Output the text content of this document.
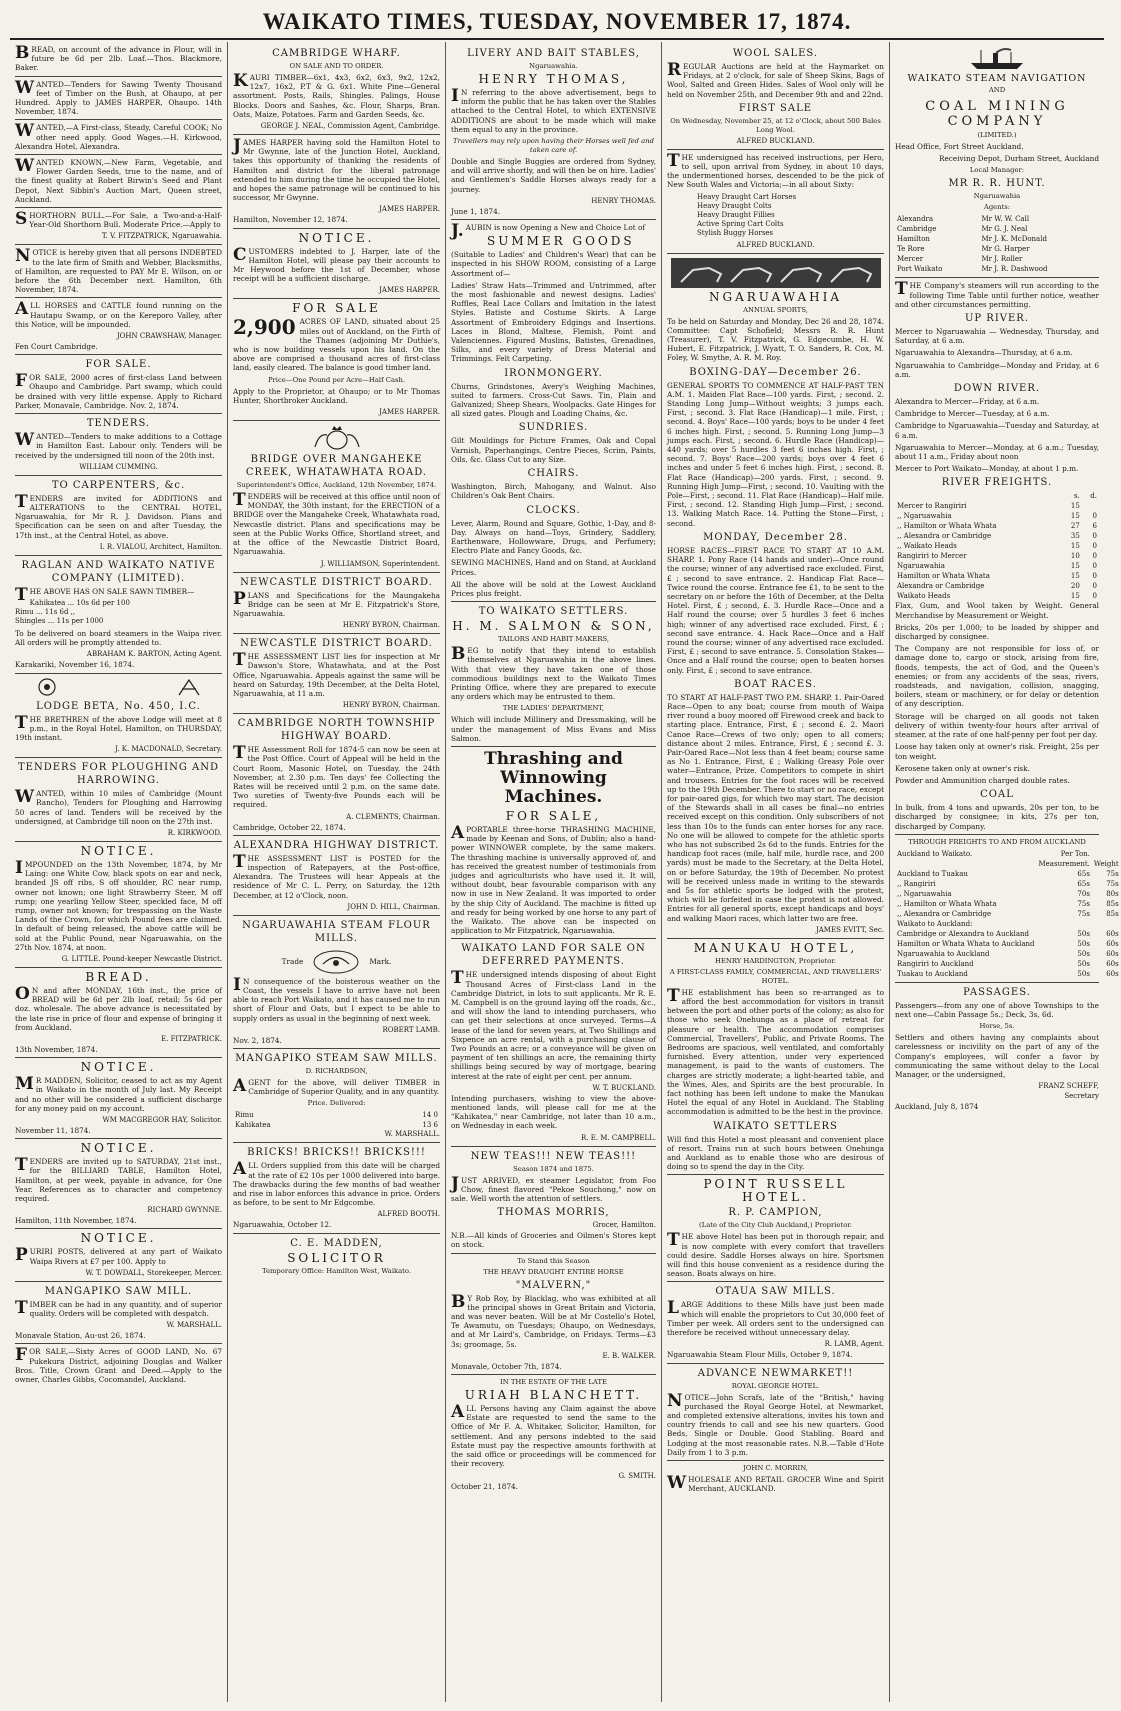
WAIKATO TIMES, TUESDAY, NOVEMBER 17, 1874.

BREAD, on account of the advance in Flour, will in future be 6d per 2lb. Loaf.—Thos. Blackmore, Baker.

WANTED—Tenders for Sawing Twenty Thousand feet of Timber on the Bush, at Ohaupo, at per Hundred. Apply to JAMES HARPER, Ohaupo. 14th November, 1874.

WANTED,—A First-class, Steady, Careful COOK; No other need apply. Good Wages.—H. Kirkwood, Alexandra Hotel, Alexandra.

WANTED KNOWN,—New Farm, Vegetable, and Flower Garden Seeds, true to the name, and of the finest quality at Robert Birwin's Seed and Plant Depot, Next Sibbin's Auction Mart, Queen street, Auckland.

SHORTHORN BULL.—For Sale, a Two-and-a-Half-Year-Old Shorthorn Bull. Moderate Price.—Apply to

T. V. FITZPATRICK, Ngaruawahia.

NOTICE is hereby given that all persons INDEBTED to the late firm of Smith and Webber, Blacksmiths, of Hamilton, are requested to PAY Mr E. Wilson, on or before the 6th December next. Hamilton, 6th November, 1874.

ALL HORSES and CATTLE found running on the Hautapu Swamp, or on the Kereporo Valley, after this Notice, will be impounded.

JOHN CRAWSHAW, Manager.

Fen Court Cambridge.

FOR SALE.

FOR SALE, 2000 acres of first-class Land between Ohaupo and Cambridge. Part swamp, which could be drained with very little expense. Apply to Richard Parker, Monavale, Cambridge. Nov. 2, 1874.

TENDERS.

WANTED—Tenders to make additions to a Cottage in Hamilton East. Labour only. Tenders will be received by the undersigned till noon of the 20th inst.

WILLIAM CUMMING.

TO CARPENTERS, &c.

TENDERS are invited for ADDITIONS and ALTERATIONS to the CENTRAL HOTEL, Ngaruawahia, for Mr R. J. Davidson. Plans and Specification can be seen on and after Tuesday, the 17th inst., at the Central Hotel, as above.

I. R. VIALOU, Architect, Hamilton.

RAGLAN AND WAIKATO NATIVE COMPANY (LIMITED).

THE ABOVE HAS ON SALE SAWN TIMBER—

Kahikatea ... 10s 6d per 100
Rimu ... 11s 6d ,,
Shingles ... 11s per 1000

To be delivered on board steamers in the Waipa river. All orders will be promptly attended to.

ABRAHAM K. BARTON, Acting Agent.

Karakariki, November 16, 1874.

LODGE BETA, No. 450, I.C.

THE BRETHREN of the above Lodge will meet at 8 p.m., in the Royal Hotel, Hamilton, on THURSDAY, 19th instant.

J. K. MACDONALD, Secretary.

TENDERS FOR PLOUGHING AND HARROWING.

WANTED, within 10 miles of Cambridge (Mount Rancho), Tenders for Ploughing and Harrowing 50 acres of land. Tenders will be received by the undersigned, at Cambridge till noon on the 27th inst.

R. KIRKWOOD.

NOTICE.

IMPOUNDED on the 13th November, 1874, by Mr Laing: one White Cow, black spots on ear and neck, branded JS off ribs, S off shoulder, RC near rump, owner not known; one light Strawberry Steer, M off rump; one yearling Yellow Steer, speckled face, M off rump, owner not known; for trespassing on the Waste Lands of the Crown, for which Pound fees are claimed. In default of being released, the above cattle will be sold at the Public Pound, near Ngaruawahia, on the 27th Nov. 1874, at noon.

G. LITTLE. Pound-keeper Newcastle District.

BREAD.

ON and after MONDAY, 16th inst., the price of BREAD will be 6d per 2lb loaf, retail; 5s 6d per doz. wholesale. The above advance is necessitated by the late rise in price of flour and expense of bringing it from Auckland.

E. FITZPATRICK.

13th November, 1874.

NOTICE.

MR MADDEN, Solicitor, ceased to act as my Agent in Waikato in the month of July last. My Receipt and no other will be considered a sufficient discharge for any money paid on my account.

WM MACGREGOR HAY, Solicitor.

November 11, 1874.

NOTICE.

TENDERS are invited up to SATURDAY, 21st inst., for the BILLIARD TABLE, Hamilton Hotel, Hamilton, at per week, payable in advance, for One Year. References as to character and competency required.

RICHARD GWYNNE.

Hamilton, 11th November, 1874.

NOTICE.

PURIRI POSTS, delivered at any part of Waikato Waipa Rivers at £7 per 100. Apply to

W. T. DOWDALL, Storekeeper, Mercer.

MANGAPIKO SAW MILL.

TIMBER can be had in any quantity, and of superior quality. Orders will be completed with despatch.

W. MARSHALL.

Monavale Station, Au-ust 26, 1874.

FOR SALE,—Sixty Acres of GOOD LAND, No. 67 Pukekura District, adjoining Douglas and Walker Bros. Title, Crown Grant and Deed.—Apply to the owner, Charles Gibbs, Cocomandel, Auckland.

CAMBRIDGE WHARF.
ON SALE AND TO ORDER.

KAURI TIMBER—6x1, 4x3, 6x2, 6x3, 9x2, 12x2, 12x7, 16x2, P.T & G. 6x1. White Pine—General assortment. Posts, Rails, Shingles. Palings, House Blocks. Doors and Sashes, &c. Flour, Sharps, Bran. Oats, Maize, Potatoes. Farm and Garden Seeds, &c.

GEORGE J. NEAL, Commission Agent, Cambridge.

JAMES HARPER having sold the Hamilton Hotel to Mr Gwynne, late of the Junction Hotel, Auckland, takes this opportunity of thanking the residents of Hamilton and district for the liberal patronage extended to him during the time he occupied the Hotel, and hopes the same patronage will be continued to his successor, Mr Gwynne.

JAMES HARPER.

Hamilton, November 12, 1874.

NOTICE.

CUSTOMERS indebted to J. Harper, late of the Hamilton Hotel, will please pay their accounts to Mr Heywood before the 1st of December, whose receipt will be a sufficient discharge.

JAMES HARPER.

FOR SALE

2,900 ACRES OF LAND, situated about 25 miles out of Auckland, on the Firth of the Thames (adjoining Mr Duthie's, who is now building vessels upon his land. On the above are comprised a thousand acres of first-class land, easily cleared. The balance is good timber land.

Price—One Pound per Acre—Half Cash.

Apply to the Proprietor, at Ohaupo; or to Mr Thomas Hunter, Shortbroker Auckland.

JAMES HARPER.

BRIDGE OVER MANGAHEKE CREEK, WHATAWHATA ROAD.

Superintendent's Office, Auckland, 12th November, 1874.

TENDERS will be received at this office until noon of MONDAY, the 30th instant, for the ERECTION of a BRIDGE over the Mangaheke Creek, Whatawhata road, Newcastle district. Plans and specifications may be seen at the Public Works Office, Shortland street, and at the office of the Newcastle District Board, Ngaruawahia.

J. WILLIAMSON, Superintendent.

NEWCASTLE DISTRICT BOARD.

PLANS and Specifications for the Maungakeha Bridge can be seen at Mr E. Fitzpatrick's Store, Ngaruawahia.

HENRY BYRON, Chairman.

NEWCASTLE DISTRICT BOARD.

THE ASSESSMENT LIST lies for inspection at Mr Dawson's Store, Whatawhata, and at the Post Office, Ngaruawahia. Appeals against the same will be heard on Saturday, 19th December, at the Delta Hotel, Ngaruawahia, at 11 a.m.

HENRY BYRON, Chairman.

CAMBRIDGE NORTH TOWNSHIP HIGHWAY BOARD.

THE Assessment Roll for 1874-5 can now be seen at the Post Office. Court of Appeal will be held in the Court Room, Masonic Hotel, on Tuesday, the 24th November, at 2.30 p.m. Ten days' fee Collecting the Rates will be received until 2 p.m. on the same date. Two sureties of Twenty-five Pounds each will be required.

A. CLEMENTS, Chairman.

Cambridge, October 22, 1874.

ALEXANDRA HIGHWAY DISTRICT.

THE ASSESSMENT LIST is POSTED for the inspection of Ratepayers, at the Post-office, Alexandra. The Trustees will hear Appeals at the residence of Mr C. L. Perry, on Saturday, the 12th December, at 12 o'Clock, noon.

JOHN D. HILL, Chairman.

NGARUAWAHIA STEAM FLOUR MILLS.
Trade	Mark.

IN consequence of the boisterous weather on the Coast, the vessels I have to arrive have not been able to reach Port Waikato, and it has caused me to run short of Flour and Oats, but I expect to be able to supply orders as usual in the beginning of next week.

ROBERT LAMB.

Nov. 2, 1874.

MANGAPIKO STEAM SAW MILLS.
D. RICHARDSON,

AGENT for the above, will deliver TIMBER in Cambridge of Superior Quality, and in any quantity.

Price. Delivered:

Rimu	14 0
Kahikatea	13 6

W. MARSHALL.

BRICKS! BRICKS!! BRICKS!!!

ALL Orders supplied from this date will be charged at the rate of £2 10s per 1000 delivered into barge. The drawbacks during the few months of bad weather and rise in labor enforces this advance in price. Orders as before, to be sent to Mr Edgcombe.

ALFRED BOOTH.

Ngaruawahia, October 12.

C. E. MADDEN,
SOLICITOR
Temporary Office: Hamilton West, Waikato.
LIVERY AND BAIT STABLES,
Ngaruawahia.
HENRY THOMAS,

IN referring to the above advertisement, begs to inform the public that he has taken over the Stables attached to the Central Hotel, to which EXTENSIVE ADDITIONS are about to be made which will make them equal to any in the province.

Travellers may rely upon having their Horses well fed and taken care of.

Double and Single Buggies are ordered from Sydney, and will arrive shortly, and will then be on hire. Ladies' and Gentlemen's Saddle Horses always ready for a journey.

HENRY THOMAS.

June 1, 1874.

J.AUBIN is now Opening a New and Choice Lot of

SUMMER GOODS

(Suitable to Ladies' and Children's Wear) that can be inspected in his SHOW ROOM, consisting of a Large Assortment of—

Ladies' Straw Hats—Trimmed and Untrimmed, after the most fashionable and newest designs. Ladies' Ruffles, Real Lace Collars and Imitation in the latest Styles. Batiste and Costume Skirts. A Large Assortment of Embroidery Edgings and Insertions. Laces in Blond, Maltese, Flemish, Point and Valenciennes. Figured Muslins, Batistes, Grenadines, Silks, and every variety of Dress Material and Trimmings. Felt Carpeting.

IRONMONGERY.

Churns, Grindstones, Avery's Weighing Machines, suited to farmers. Cross-Cut Saws. Tin, Plain and Galvanized; Sheep Shears, Woolpacks. Gate Hinges for all sized gates. Plough and Loading Chains, &c.

SUNDRIES.

Gilt Mouldings for Picture Frames, Oak and Copal Varnish, Paperhangings, Centre Pieces, Scrim, Paints, Oils, &c. Glass Cut to any Size.

CHAIRS.

Washington, Birch, Mahogany, and Walnut. Also Children's Oak Bent Chairs.

CLOCKS.

Lever, Alarm, Round and Square, Gothic, 1-Day, and 8-Day. Always on hand—Toys, Grindery, Saddlery, Earthenware, Hollowware, Drugs, and Perfumery; Electro Plate and Fancy Goods, &c.

SEWING MACHINES, Hand and on Stand, at Auckland Prices.

All the above will be sold at the Lowest Auckland Prices plus freight.

TO WAIKATO SETTLERS.
H. M. SALMON & SON,
TAILORS AND HABIT MAKERS,

BEG to notify that they intend to establish themselves at Ngaruawahia in the above lines. With that view they have taken one of those commodious buildings next to the Waikato Times Printing Office, where they are prepared to execute any orders which may be entrusted to them.

THE LADIES' DEPARTMENT,

Which will include Millinery and Dressmaking, will be under the management of Miss Evans and Miss Salmon.

Thrashing and Winnowing Machines.
FOR SALE,

APORTABLE three-horse THRASHING MACHINE, made by Keenan and Sons, of Dublin; also a hand-power WINNOWER complete, by the same makers. The thrashing machine is universally approved of, and has received the greatest number of testimonials from judges and agriculturists who have used it. It will, without doubt, bear favourable comparison with any now in use in New Zealand. It was imported to order by the ship City of Auckland. The machine is fitted up and ready for being worked by one horse to any part of the Waikato. The above can be inspected on application to Mr Fitzpatrick, Ngaruawahia.

WAIKATO LAND FOR SALE ON DEFERRED PAYMENTS.

THE undersigned intends disposing of about Eight Thousand Acres of First-class Land in the Cambridge District, in lots to suit applicants. Mr R. E. M. Campbell is on the ground laying off the roads, &c., and will show the land to intending purchasers, who can get their selections at once surveyed. Terms—A lease of the land for seven years, at Two Shillings and Sixpence an acre rental, with a purchasing clause of Two Pounds an acre; or a conveyance will be given on payment of ten shillings an acre, the remaining thirty shillings being secured by way of mortgage, bearing interest at the rate of eight per cent. per annum.

W. T. BUCKLAND.

Intending purchasers, wishing to view the above-mentioned lands, will please call for me at the "Kahikatea," near Cambridge, not later than 10 a.m., on Wednesday in each week.

R. E. M. CAMPBELL.

NEW TEAS!!! NEW TEAS!!!
Season 1874 and 1875.

JUST ARRIVED, ex steamer Legislator, from Foo Chow, finest flavored "Pekoe Souchong," now on sale. Well worth the attention of settlers.

THOMAS MORRIS,

Grocer, Hamilton.

N.B.—All kinds of Groceries and Oilmen's Stores kept on stock.

To Stand this Season
THE HEAVY DRAUGHT ENTIRE HORSE
"MALVERN,"

BY Rob Roy, by Blacklag, who was exhibited at all the principal shows in Great Britain and Victoria, and was never beaten. Will be at Mr Costello's Hotel, Te Awamutu, on Tuesdays; Ohaupo, on Wednesdays, and at Mr Laird's, Cambridge, on Fridays. Terms—£3 3s; groomage, 5s.

E. B. WALKER.

Monavale, October 7th, 1874.

IN THE ESTATE OF THE LATE
URIAH BLANCHETT.

ALL Persons having any Claim against the above Estate are requested to send the same to the Office of Mr F. A. Whitaker, Solicitor, Hamilton, for settlement. And any persons indebted to the said Estate must pay the respective amounts forthwith at the said office or proceedings will be commenced for their recovery.

G. SMITH.

October 21, 1874.

WOOL SALES.

REGULAR Auctions are held at the Haymarket on Fridays, at 2 o'clock, for sale of Sheep Skins, Bags of Wool, Salted and Green Hides. Sales of Wool only will be held on November 25th, and December 9th and and 22nd.

FIRST SALE

On Wednesday, November 25, at 12 o'Clock, about 500 Bales Long Wool.

ALFRED BUCKLAND.

THE undersigned has received instructions, per Hero, to sell, upon arrival from Sydney, in about 10 days, the undermentioned horses, descended to be the pick of New South Wales and Victoria;—in all about Sixty:

Heavy Draught Cart Horses
Heavy Draught Colts
Heavy Draught Fillies
Active Spring Cart Colts
Stylish Buggy Horses

ALFRED BUCKLAND.

NGARUAWAHIA
ANNUAL SPORTS,

To be held on Saturday and Monday, Dec 26 and 28, 1874. Committee: Capt Schofield; Messrs R. R. Hunt (Treasurer), T. V. Fitzpatrick, G. Edgecumbe, H. W. Hubert, E. Fitzpatrick, J. Wyatt, T. O. Sanders, R. Cox, M. Foley, W. Smythe, A. R. M. Roy.

BOXING-DAY—December 26.

GENERAL SPORTS TO COMMENCE AT HALF-PAST TEN A.M. 1. Maiden Flat Race—100 yards. First, ; second. 2. Standing Long Jump—Without weights; 3 jumps each. First, ; second. 3. Flat Race (Handicap)—1 mile. First, ; second. 4. Boys' Race—100 yards; boys to be under 4 feet 6 inches high. First, ; second. 5. Running Long Jump—3 jumps each. First, ; second. 6. Hurdle Race (Handicap)—440 yards; over 5 hurdles 3 feet 6 inches high. First, ; second. 7. Boys' Race—200 yards; boys over 4 feet 6 inches and under 5 feet 6 inches high. First, ; second. 8. Flat Race (Handicap)—200 yards. First, ; second. 9. Running High Jump—First, ; second. 10. Vaulting with the Pole—First, ; second. 11. Flat Race (Handicap)—Half mile. First, ; second. 12. Standing High Jump—First, ; second. 13. Walking Match Race. 14. Putting the Stone—First, ; second.

MONDAY, December 28.

HORSE RACES—FIRST RACE TO START AT 10 A.M. SHARP. 1. Pony Race (14 hands and under)—Once round the course; winner of any advertised race excluded. First, £ ; second to save entrance. 2. Handicap Flat Race—Twice round the course. Entrance fee £1, to be sent to the secretary on or before the 16th of December, at the Delta Hotel. First, £ ; second, £. 3. Hurdle Race—Once and a Half round the course; over 5 hurdles 3 feet 6 inches high; winner of any advertised race excluded. First, £ ; second save entrance. 4. Hack Race—Once and a Half round the course; winner of any advertised race excluded. First, £ ; second to save entrance. 5. Consolation Stakes—Once and a Half round the course; open to beaten horses only. First, £ ; second to save entrance.

BOAT RACES.

TO START AT HALF-PAST TWO P.M. SHARP. 1. Pair-Oared Race—Open to any boat; course from mouth of Waipa river round a buoy moored off Firewood creek and back to starting place. Entrance, First, £ ; second £. 2. Maori Canoe Race—Crews of two only; open to all comers; distance about 2 miles. Entrance, First, £ ; second £. 3. Pair-Oared Race—Not less than 4 feet beam; course same as No 1. Entrance, First, £ ; Walking Greasy Pole over water—Entrance, Prize. Competitors to compete in shirt and trousers. Entries for the foot races will be received up to the 19th December. There to start or no race, except for pair-oared gigs, for which two may start. The decision of the Stewards shall in all cases be final—no entries received except on this condition. Only subscribers of not less than 10s to the funds can enter horses for any race. No one will be allowed to compete for the athletic sports who has not subscribed 2s 6d to the funds. Entries for the handicap foot races (mile, half mile, hurdle race, and 200 yards) must be made to the Secretary, at the Delta Hotel, on or before Saturday, the 19th of December. No protest will be received unless made in writing to the stewards and 5s for athletic sports be lodged with the protest, which will be forfeited in case the protest is not allowed. Entries for all general sports, except handicaps and boys' and walking Maori races, which latter two are free.

JAMES EVITT, Sec.

MANUKAU HOTEL,
HENRY HARDINGTON, Proprietor.
A FIRST-CLASS FAMILY, COMMERCIAL, AND TRAVELLERS' HOTEL.

THE establishment has been so re-arranged as to afford the best accommodation for visitors in transit between the port and other ports of the colony; as also for those who seek Onehunga as a place of retreat for pleasure or health. The accommodation comprises Commercial, Travellers', Public, and Private Rooms. The Bedrooms are spacious, well ventilated, and comfortably furnished. Every attention, under very experienced management, is paid to the wants of customers. The charges are strictly moderate; a light-hearted table, and the Wines, Ales, and Spirits are the best procurable. In fact nothing has been left undone to make the Manukau Hotel the equal of any Hotel in Auckland. The Stabling accommodation is admitted to be the best in the province.

WAIKATO SETTLERS

Will find this Hotel a most pleasant and convenient place of resort. Trains run at such hours between Onehunga and Auckland as to enable those who are desirous of doing so to spend the day in the City.

POINT RUSSELL HOTEL.
R. P. CAMPION,
(Late of the City Club Auckland,) Proprietor.

THE above Hotel has been put in thorough repair, and is now complete with every comfort that travellers could desire. Saddle Horses always on hire. Sportsmen will find this house convenient as a residence during the season. Boats always on hire.

OTAUA SAW MILLS.

LARGE Additions to these Mills have just been made which will enable the proprietors to Cut 30,000 feet of Timber per week. All orders sent to the undersigned can therefore be received without unnecessary delay.

R. LAMB, Agent.

Ngaruawahia Steam Flour Mills, October 9, 1874.

ADVANCE NEWMARKET!!
ROYAL GEORGE HOTEL.

NOTICE—John Scrafs, late of the "British," having purchased the Royal George Hotel, at Newmarket, and completed extensive alterations, invites his town and country friends to call and see his new quarters. Good Beds, Single or Double. Good Stabling. Board and Lodging at the most reasonable rates. N.B.—Table d'Hote Daily from 1 to 3 p.m.

JOHN C. MORRIN,

WHOLESALE AND RETAIL GROCER Wine and Spirit Merchant, AUCKLAND.

WAIKATO STEAM NAVIGATION
AND
COAL MINING COMPANY
(LIMITED.)

Head Office, Fort Street Auckland.

Receiving Depot, Durham Street, Auckland

Local Manager:

MR R. R. HUNT.

Ngaruawahia

Agents:

Alexandra	Mr W. W. Call
Cambridge	Mr G. J. Neal
Hamilton	Mr J. K. McDonald
Te Rore	Mr G. Harper
Mercer	Mr J. Roller
Port Waikato	Mr J. R. Dashwood

THE Company's steamers will run according to the following Time Table until further notice, weather and other circumstances permitting.

UP RIVER.

Mercer to Ngaruawahia — Wednesday, Thursday, and Saturday, at 6 a.m.

Ngaruawahia to Alexandra—Thursday, at 6 a.m.

Ngaruawahia to Cambridge—Monday and Friday, at 6 a.m.

DOWN RIVER.

Alexandra to Mercer—Friday, at 6 a.m.

Cambridge to Mercer—Tuesday, at 6 a.m.

Cambridge to Ngaruawahia—Tuesday and Saturday, at 6 a.m.

Ngaruawahia to Mercer—Monday, at 6 a.m.; Tuesday, about 11 a.m., Friday about noon

Mercer to Port Waikato—Monday, at about 1 p.m.

RIVER FREIGHTS.
	s.	d.
Mercer to Rangiriri	15	
,, Ngaruawahia	15	0
,, Hamilton or Whata Whata	27	6
,, Alexandra or Cambridge	35	0
,, Waikato Heads	15	0
Rangiriri to Mercer	10	0
Ngaruawahia	15	0
Hamilton or Whata Whata	15	0
Alexandra or Cambridge	20	0
Waikato Heads	15	0

Flax, Gum, and Wool taken by Weight. General Merchandise by Measurement or Weight.

Bricks, 20s per 1,000; to be loaded by shipper and discharged by consignee.

The Company are not responsible for loss of, or damage done to, cargo or stock, arising from fire, floods, tempests, the act of God, and the Queen's enemies; or from any accidents of the seas, rivers, roadsteads, and navigation, collision, snagging, boilers, steam or machinery, or for delay or detention of any description.

Storage will be charged on all goods not taken delivery of within twenty-four hours after arrival of steamer, at the rate of one half-penny per foot per day.

Loose hay taken only at owner's risk. Freight, 25s per ton weight.

Kerosene taken only at owner's risk.

Powder and Ammunition charged double rates.

COAL

In bulk, from 4 tons and upwards, 20s per ton, to be discharged by consignee; in kits, 27s per ton, discharged by Company.

THROUGH FREIGHTS TO AND FROM AUCKLAND
Auckland to Waikato.	Per Ton.	
	Measurement.	Weight
Auckland to Tuakau	65s	75s
,, Rangiriri	65s	75s
,, Ngaruawahia	70s	80s
,, Hamilton or Whata Whata	75s	85s
,, Alexandra or Cambridge	75s	85s
Waikato to Auckland:		
Cambridge or Alexandra to Auckland	50s	60s
Hamilton or Whata Whata to Auckland	50s	60s
Ngaruawahia to Auckland	50s	60s
Rangiriri to Auckland	50s	60s
Tuakau to Auckland	50s	60s
PASSAGES.

Passengers—from any one of above Townships to the next one—Cabin Passage 5s.; Deck, 3s, 6d.

Horse, 5s.

Settlers and others having any complaints about carelessness or incivility on the part of any of the Company's employees, will confer a favor by communicating the same without delay to the Local Manager, or the undersigned,

FRANZ SCHEFF,

Secretary

Auckland, July 8, 1874
